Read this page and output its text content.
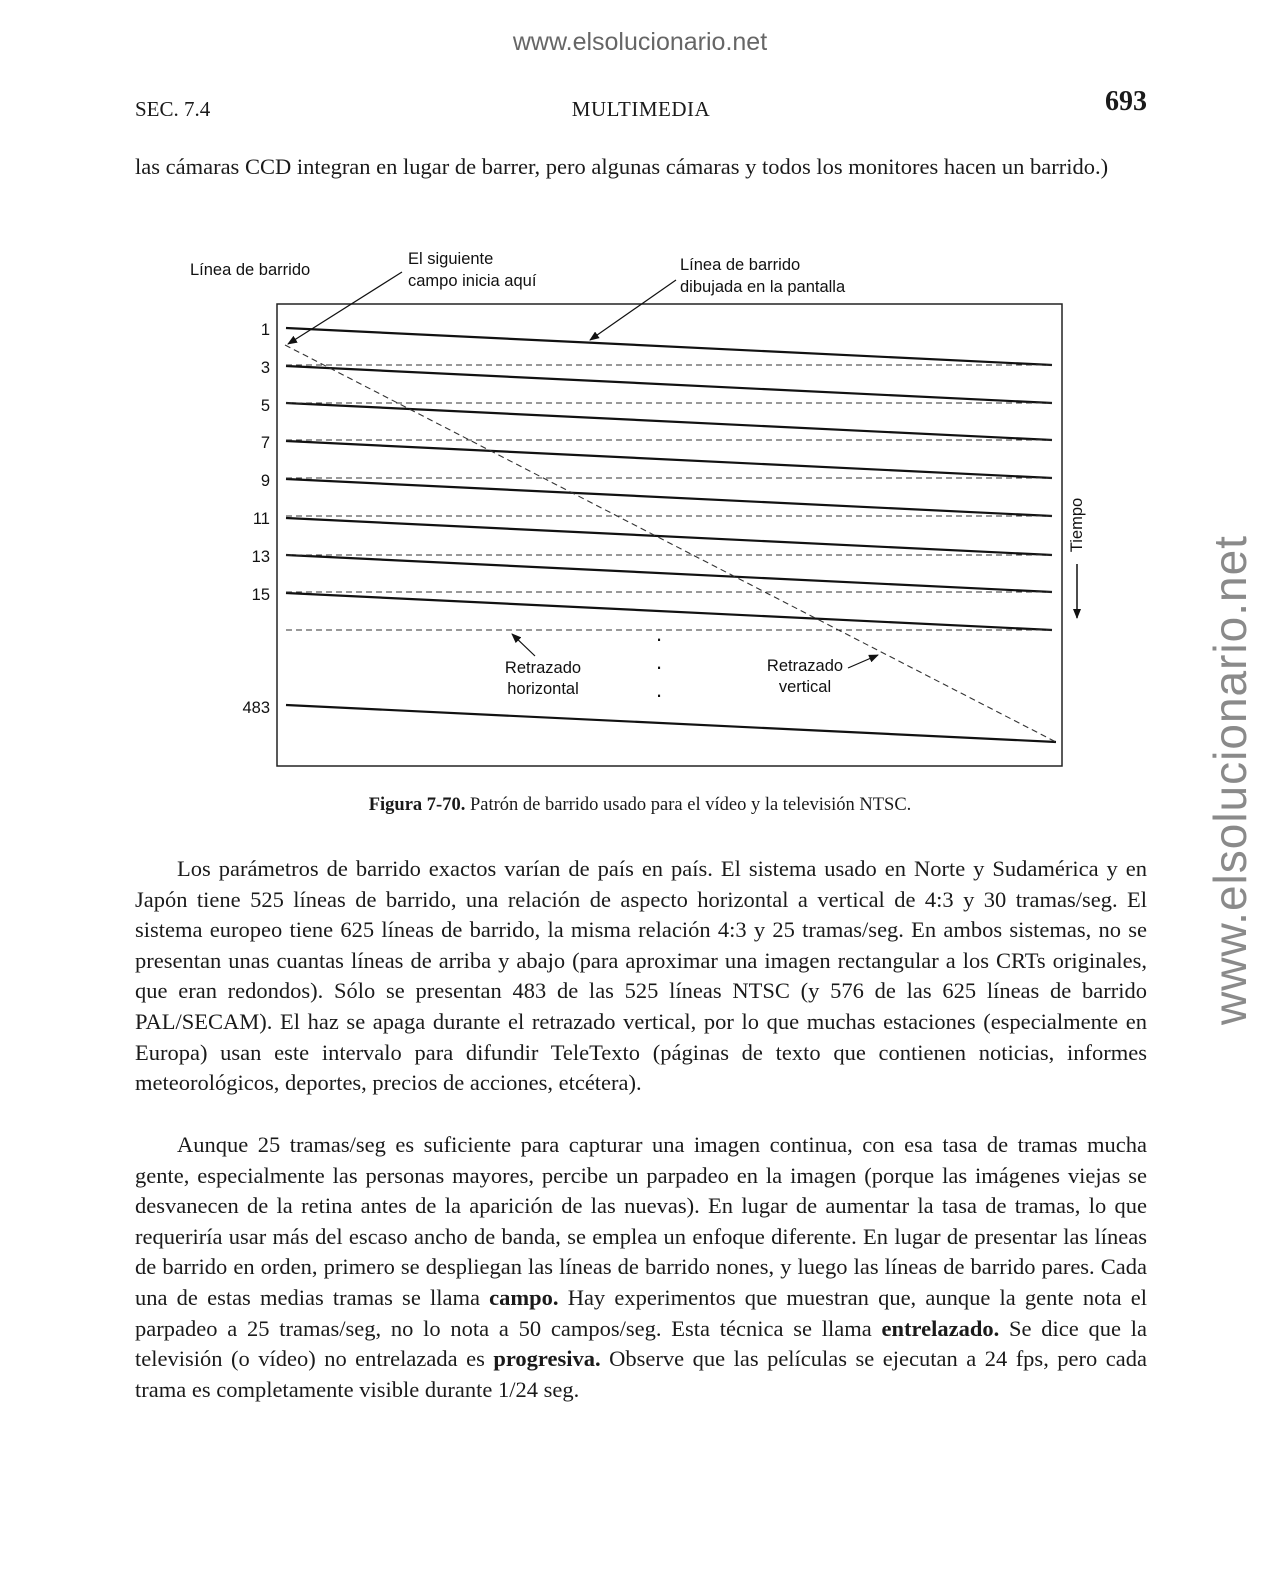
www.elsolucionario.net
www.elsolucionario.net
SEC. 7.4	MULTIMEDIA	693

las cámaras CCD integran en lugar de barrer, pero algunas cámaras y todos los monitores hacen un barrido.)

1
3
5
7
9
11
13
15
483
Línea de barrido
El siguiente
campo inicia aquí
Línea de barrido
dibujada en la pantalla
Retrazado
horizontal
Retrazado
vertical
·
·
·
Tiempo
Figura 7-70. Patrón de barrido usado para el vídeo y la televisión NTSC.

Los parámetros de barrido exactos varían de país en país. El sistema usado en Norte y Sudamérica y en Japón tiene 525 líneas de barrido, una relación de aspecto horizontal a vertical de 4:3 y 30 tramas/seg. El sistema europeo tiene 625 líneas de barrido, la misma relación 4:3 y 25 tramas/seg. En ambos sistemas, no se presentan unas cuantas líneas de arriba y abajo (para aproximar una imagen rectangular a los CRTs originales, que eran redondos). Sólo se presentan 483 de las 525 líneas NTSC (y 576 de las 625 líneas de barrido PAL/SECAM). El haz se apaga durante el retrazado vertical, por lo que muchas estaciones (especialmente en Europa) usan este intervalo para difundir TeleTexto (páginas de texto que contienen noticias, informes meteorológicos, deportes, precios de acciones, etcétera).

Aunque 25 tramas/seg es suficiente para capturar una imagen continua, con esa tasa de tramas mucha gente, especialmente las personas mayores, percibe un parpadeo en la imagen (porque las imágenes viejas se desvanecen de la retina antes de la aparición de las nuevas). En lugar de aumentar la tasa de tramas, lo que requeriría usar más del escaso ancho de banda, se emplea un enfoque diferente. En lugar de presentar las líneas de barrido en orden, primero se despliegan las líneas de barrido nones, y luego las líneas de barrido pares. Cada una de estas medias tramas se llama campo. Hay experimentos que muestran que, aunque la gente nota el parpadeo a 25 tramas/seg, no lo nota a 50 campos/seg. Esta técnica se llama entrelazado. Se dice que la televisión (o vídeo) no entrelazada es progresiva. Observe que las películas se ejecutan a 24 fps, pero cada trama es completamente visible durante 1/24 seg.
